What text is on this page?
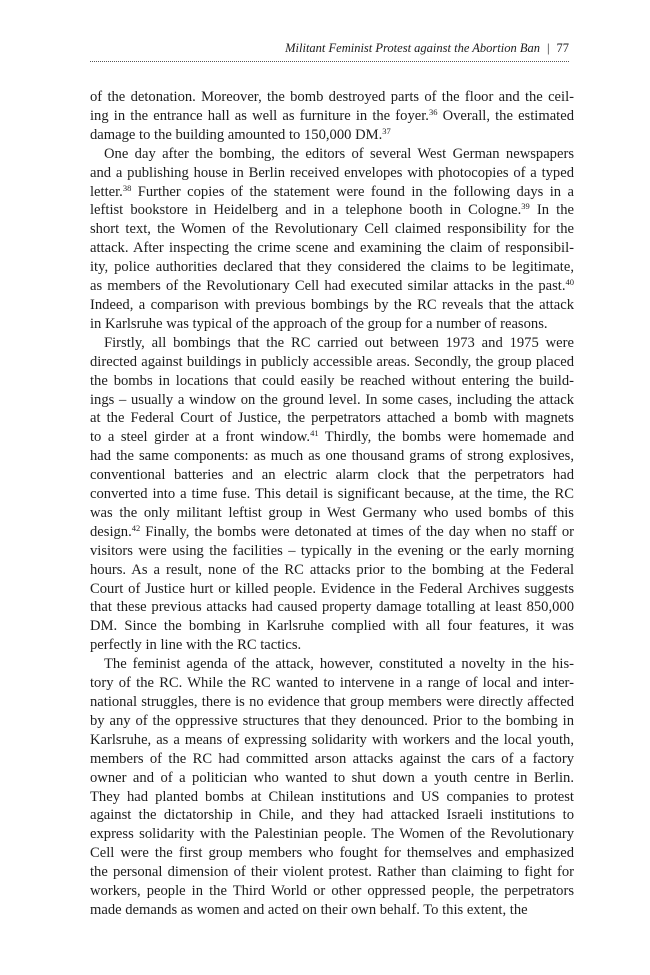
Militant Feminist Protest against the Abortion Ban | 77

of the detonation. Moreover, the bomb destroyed parts of the floor and the ceil-

ing in the entrance hall as well as furniture in the foyer.$^{36}$ Overall, the estimated

damage to the building amounted to 150,000 DM.$^{37}$

One day after the bombing, the editors of several West German newspapers

and a publishing house in Berlin received envelopes with photocopies of a typed

letter.$^{38}$ Further copies of the statement were found in the following days in a

leftist bookstore in Heidelberg and in a telephone booth in Cologne.$^{39}$ In the

short text, the Women of the Revolutionary Cell claimed responsibility for the

attack. After inspecting the crime scene and examining the claim of responsibil-

ity, police authorities declared that they considered the claims to be legitimate,

as members of the Revolutionary Cell had executed similar attacks in the past.$^{40}$

Indeed, a comparison with previous bombings by the RC reveals that the attack

in Karlsruhe was typical of the approach of the group for a number of reasons.

Firstly, all bombings that the RC carried out between 1973 and 1975 were

directed against buildings in publicly accessible areas. Secondly, the group placed

the bombs in locations that could easily be reached without entering the build-

ings – usually a window on the ground level. In some cases, including the attack

at the Federal Court of Justice, the perpetrators attached a bomb with magnets

to a steel girder at a front window.$^{41}$ Thirdly, the bombs were homemade and

had the same components: as much as one thousand grams of strong explosives,

conventional batteries and an electric alarm clock that the perpetrators had

converted into a time fuse. This detail is significant because, at the time, the RC

was the only militant leftist group in West Germany who used bombs of this

design.$^{42}$ Finally, the bombs were detonated at times of the day when no staff or

visitors were using the facilities – typically in the evening or the early morning

hours. As a result, none of the RC attacks prior to the bombing at the Federal

Court of Justice hurt or killed people. Evidence in the Federal Archives suggests

that these previous attacks had caused property damage totalling at least 850,000

DM. Since the bombing in Karlsruhe complied with all four features, it was

perfectly in line with the RC tactics.

The feminist agenda of the attack, however, constituted a novelty in the his-

tory of the RC. While the RC wanted to intervene in a range of local and inter-

national struggles, there is no evidence that group members were directly affected

by any of the oppressive structures that they denounced. Prior to the bombing in

Karlsruhe, as a means of expressing solidarity with workers and the local youth,

members of the RC had committed arson attacks against the cars of a factory

owner and of a politician who wanted to shut down a youth centre in Berlin.

They had planted bombs at Chilean institutions and US companies to protest

against the dictatorship in Chile, and they had attacked Israeli institutions to

express solidarity with the Palestinian people. The Women of the Revolutionary

Cell were the first group members who fought for themselves and emphasized

the personal dimension of their violent protest. Rather than claiming to fight for

workers, people in the Third World or other oppressed people, the perpetrators

made demands as women and acted on their own behalf. To this extent, the
